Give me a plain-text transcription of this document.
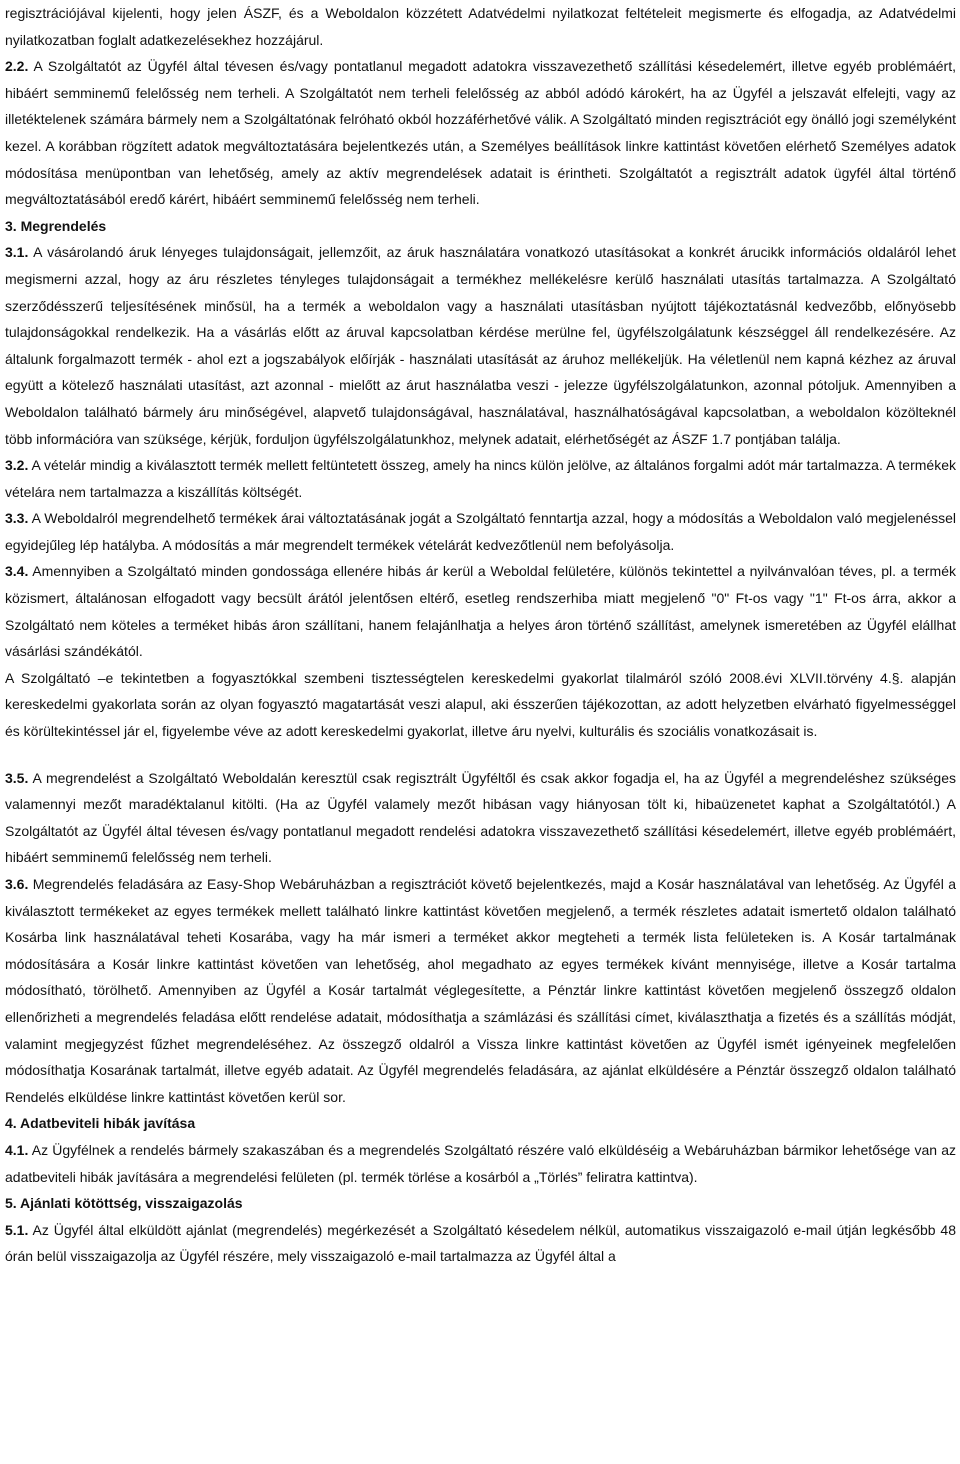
regisztrációjával kijelenti, hogy jelen ÁSZF, és a Weboldalon közzétett Adatvédelmi nyilatkozat feltételeit megismerte és elfogadja, az Adatvédelmi nyilatkozatban foglalt adatkezelésekhez hozzájárul.

2.2. A Szolgáltatót az Ügyfél által tévesen és/vagy pontatlanul megadott adatokra visszavezethető szállítási késedelemért, illetve egyéb problémáért, hibáért semminemű felelősség nem terheli. A Szolgáltatót nem terheli felelősség az abból adódó károkért, ha az Ügyfél a jelszavát elfelejti, vagy az illetéktelenek számára bármely nem a Szolgáltatónak felróható okból hozzáférhetővé válik. A Szolgáltató minden regisztrációt egy önálló jogi személyként kezel. A korábban rögzített adatok megváltoztatására bejelentkezés után, a Személyes beállítások linkre kattintást követően elérhető Személyes adatok módosítása menüpontban van lehetőség, amely az aktív megrendelések adatait is érintheti. Szolgáltatót a regisztrált adatok ügyfél által történő megváltoztatásából eredő kárért, hibáért semminemű felelősség nem terheli.

3. Megrendelés

3.1. A vásárolandó áruk lényeges tulajdonságait, jellemzőit, az áruk használatára vonatkozó utasításokat a konkrét árucikk információs oldaláról lehet megismerni azzal, hogy az áru részletes tényleges tulajdonságait a termékhez mellékelésre kerülő használati utasítás tartalmazza. A Szolgáltató szerződésszerű teljesítésének minősül, ha a termék a weboldalon vagy a használati utasításban nyújtott tájékoztatásnál kedvezőbb, előnyösebb tulajdonságokkal rendelkezik. Ha a vásárlás előtt az áruval kapcsolatban kérdése merülne fel, ügyfélszolgálatunk készséggel áll rendelkezésére. Az általunk forgalmazott termék - ahol ezt a jogszabályok előírják - használati utasítását az áruhoz mellékeljük. Ha véletlenül nem kapná kézhez az áruval együtt a kötelező használati utasítást, azt azonnal - mielőtt az árut használatba veszi - jelezze ügyfélszolgálatunkon, azonnal pótoljuk. Amennyiben a Weboldalon található bármely áru minőségével, alapvető tulajdonságával, használatával, használhatóságával kapcsolatban, a weboldalon közölteknél több információra van szüksége, kérjük, forduljon ügyfélszolgálatunkhoz, melynek adatait, elérhetőségét az ÁSZF 1.7 pontjában találja.

3.2. A vételár mindig a kiválasztott termék mellett feltüntetett összeg, amely ha nincs külön jelölve, az általános forgalmi adót már tartalmazza. A termékek vételára nem tartalmazza a kiszállítás költségét.

3.3. A Weboldalról megrendelhető termékek árai változtatásának jogát a Szolgáltató fenntartja azzal, hogy a módosítás a Weboldalon való megjelenéssel egyidejűleg lép hatályba. A módosítás a már megrendelt termékek vételárát kedvezőtlenül nem befolyásolja.

3.4. Amennyiben a Szolgáltató minden gondossága ellenére hibás ár kerül a Weboldal felületére, különös tekintettel a nyilvánvalóan téves, pl. a termék közismert, általánosan elfogadott vagy becsült árától jelentősen eltérő, esetleg rendszerhiba miatt megjelenő "0" Ft-os vagy "1" Ft-os árra, akkor a Szolgáltató nem köteles a terméket hibás áron szállítani, hanem felajánlhatja a helyes áron történő szállítást, amelynek ismeretében az Ügyfél elállhat vásárlási szándékától.

A Szolgáltató –e tekintetben a fogyasztókkal szembeni tisztességtelen kereskedelmi gyakorlat tilalmáról szóló 2008.évi XLVII.törvény 4.§. alapján kereskedelmi gyakorlata során az olyan fogyasztó magatartását veszi alapul, aki ésszerűen tájékozottan, az adott helyzetben elvárható figyelmességgel és körültekintéssel jár el, figyelembe véve az adott kereskedelmi gyakorlat, illetve áru nyelvi, kulturális és szociális vonatkozásait is.

3.5. A megrendelést a Szolgáltató Weboldalán keresztül csak regisztrált Ügyféltől és csak akkor fogadja el, ha az Ügyfél a megrendeléshez szükséges valamennyi mezőt maradéktalanul kitölti. (Ha az Ügyfél valamely mezőt hibásan vagy hiányosan tölt ki, hibaüzenetet kaphat a Szolgáltatótól.) A Szolgáltatót az Ügyfél által tévesen és/vagy pontatlanul megadott rendelési adatokra visszavezethető szállítási késedelemért, illetve egyéb problémáért, hibáért semminemű felelősség nem terheli.

3.6. Megrendelés feladására az Easy-Shop Webáruházban a regisztrációt követő bejelentkezés, majd a Kosár használatával van lehetőség. Az Ügyfél a kiválasztott termékeket az egyes termékek mellett található linkre kattintást követően megjelenő, a termék részletes adatait ismertető oldalon található Kosárba link használatával teheti Kosarába, vagy ha már ismeri a terméket akkor megteheti a termék lista felületeken is. A Kosár tartalmának módosítására a Kosár linkre kattintást követően van lehetőség, ahol megadhato az egyes termékek kívánt mennyisége, illetve a Kosár tartalma módosítható, törölhető. Amennyiben az Ügyfél a Kosár tartalmát véglegesítette, a Pénztár linkre kattintást követően megjelenő összegző oldalon ellenőrizheti a megrendelés feladása előtt rendelése adatait, módosíthatja a számlázási és szállítási címet, kiválaszthatja a fizetés és a szállítás módját, valamint megjegyzést fűzhet megrendeléséhez. Az összegző oldalról a Vissza linkre kattintást követően az Ügyfél ismét igényeinek megfelelően módosíthatja Kosarának tartalmát, illetve egyéb adatait. Az Ügyfél megrendelés feladására, az ajánlat elküldésére a Pénztár összegző oldalon található Rendelés elküldése linkre kattintást követően kerül sor.

4. Adatbeviteli hibák javítása

4.1. Az Ügyfélnek a rendelés bármely szakaszában és a megrendelés Szolgáltató részére való elküldéséig a Webáruházban bármikor lehetősége van az adatbeviteli hibák javítására a megrendelési felületen (pl. termék törlése a kosárból a „Törlés” feliratra kattintva).

5. Ajánlati kötöttség, visszaigazolás

5.1. Az Ügyfél által elküldött ajánlat (megrendelés) megérkezését a Szolgáltató késedelem nélkül, automatikus visszaigazoló e-mail útján legkésőbb 48 órán belül visszaigazolja az Ügyfél részére, mely visszaigazoló e-mail tartalmazza az Ügyfél által a
